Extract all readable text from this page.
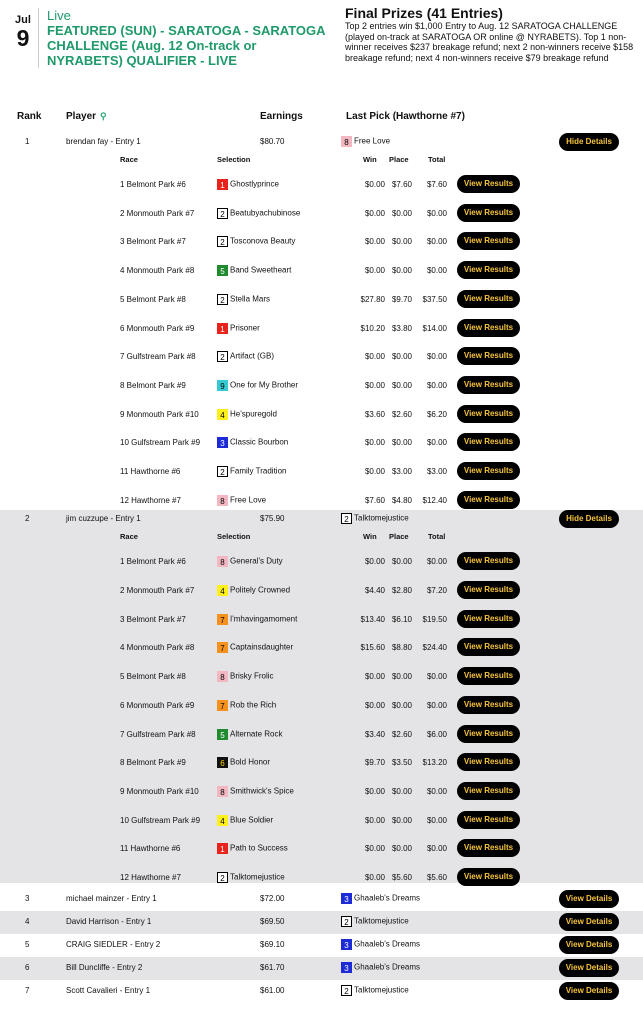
Jul
9
Live
FEATURED (SUN) - SARATOGA - SARATOGA CHALLENGE (Aug. 12 On-track or NYRABETS) QUALIFIER - LIVE
Final Prizes (41 Entries)
Top 2 entries win $1,000 Entry to Aug. 12 SARATOGA CHALLENGE (played on-track at SARATOGA OR online @ NYRABETS). Top 1 non-winner receives $237 breakage refund; next 2 non-winners receive $158 breakage refund; next 4 non-winners receive $79 breakage refund
Rank Player ⚲	Earnings	Last Pick (Hawthorne #7)
1	brendan fay - Entry 1	$80.70	8 Free Love	Hide Details
Race	Selection	Win Place	Total
1 Belmont Park #6	1 Ghostlyprince	$0.00 $7.60 $7.60	View Results
2 Monmouth Park #7	2 Beatubyachubinose	$0.00 $0.00 $0.00	View Results
3 Belmont Park #7	2 Tosconova Beauty	$0.00 $0.00 $0.00	View Results
4 Monmouth Park #8	5 Band Sweetheart	$0.00 $0.00 $0.00	View Results
5 Belmont Park #8	2 Stella Mars	$27.80 $9.70 $37.50	View Results
6 Monmouth Park #9	1 Prisoner	$10.20 $3.80 $14.00	View Results
7 Gulfstream Park #8	2 Artifact (GB)	$0.00 $0.00 $0.00	View Results
8 Belmont Park #9	9 One for My Brother	$0.00 $0.00 $0.00	View Results
9 Monmouth Park #10	4 He'spuregold	$3.60 $2.60 $6.20	View Results
10 Gulfstream Park #9	3 Classic Bourbon	$0.00 $0.00 $0.00	View Results
11 Hawthorne #6	2 Family Tradition	$0.00 $3.00 $3.00	View Results
12 Hawthorne #7	8 Free Love	$7.60 $4.80 $12.40	View Results
2	jim cuzzupe - Entry 1	$75.90	2 Talktomejustice	Hide Details
Race	Selection	Win Place	Total
1 Belmont Park #6	8 General's Duty	$0.00 $0.00 $0.00	View Results
2 Monmouth Park #7	4 Politely Crowned	$4.40 $2.80 $7.20	View Results
3 Belmont Park #7	7 I'mhavingamoment	$13.40 $6.10 $19.50	View Results
4 Monmouth Park #8	7 Captainsdaughter	$15.60 $8.80 $24.40	View Results
5 Belmont Park #8	8 Brisky Frolic	$0.00 $0.00 $0.00	View Results
6 Monmouth Park #9	7 Rob the Rich	$0.00 $0.00 $0.00	View Results
7 Gulfstream Park #8	5 Alternate Rock	$3.40 $2.60 $6.00	View Results
8 Belmont Park #9	6 Bold Honor	$9.70 $3.50 $13.20	View Results
9 Monmouth Park #10	8 Smithwick's Spice	$0.00 $0.00 $0.00	View Results
10 Gulfstream Park #9	4 Blue Soldier	$0.00 $0.00 $0.00	View Results
11 Hawthorne #6	1 Path to Success	$0.00 $0.00 $0.00	View Results
12 Hawthorne #7	2 Talktomejustice	$0.00 $5.60 $5.60	View Results
3	michael mainzer - Entry 1	$72.00	3 Ghaaleb's Dreams	View Details
4	David Harrison - Entry 1	$69.50	2 Talktomejustice	View Details
5	CRAIG SIEDLER - Entry 2	$69.10	3 Ghaaleb's Dreams	View Details
6	Bill Duncliffe - Entry 2	$61.70	3 Ghaaleb's Dreams	View Details
7	Scott Cavalieri - Entry 1	$61.00	2 Talktomejustice	View Details
